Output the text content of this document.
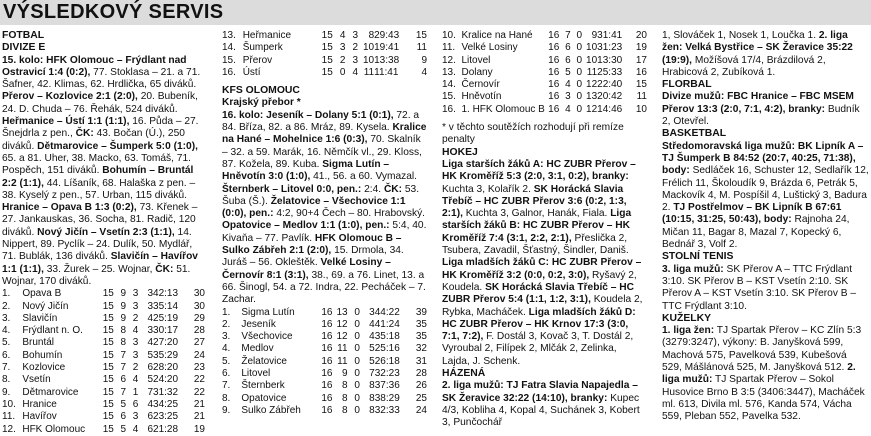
VÝSLEDKOVÝ SERVIS

FOTBAL

DIVIZE E

15. kolo: HFK Olomouc – Frýdlant nad Ostravicí 1:4 (0:2), 77. Stoklasa – 21. a 71. Šafner, 42. Klimas, 62. Hrdlička, 65 diváků. Přerov – Kozlovice 2:1 (2:0), 20. Bubeník, 24. D. Chuda – 76. Řehák, 524 diváků. Heřmanice – Ústí 1:1 (1:1), 16. Půda – 27. Šnejdrla z pen., ČK: 43. Bočan (Ú.), 250 diváků. Dětmarovice – Šumperk 5:0 (1:0), 65. a 81. Uher, 38. Macko, 63. Tomáš, 71. Pospěch, 151 diváků. Bohumín – Bruntál 2:2 (1:1), 44. Líšaník, 68. Halaška z pen. – 38. Kyselý z pen., 57. Urban, 115 diváků. Hranice – Opava B 1:3 (0:2), 73. Křenek – 27. Jankauskas, 36. Socha, 81. Radič, 120 diváků. Nový Jičín – Vsetín 2:3 (1:1), 14. Nippert, 89. Pyclík – 24. Dulík, 50. Mydlář, 71. Bublák, 136 diváků. Slavičín – Havířov 1:1 (1:1), 33. Žurek – 25. Wojnar, ČK: 51. Wojnar, 170 diváků.

1.	Opava B	15	9	3	3	42:13	30
2.	Nový Jičín	15	9	3	3	35:14	30
3.	Slavičín	15	9	2	4	25:19	29
4.	Frýdlant n. O.	15	8	4	3	30:17	28
5.	Bruntál	15	8	3	4	27:20	27
6.	Bohumín	15	7	3	5	35:29	24
7.	Kozlovice	15	7	2	6	28:20	23
8.	Vsetín	15	6	4	5	24:20	22
9.	Dětmarovice	15	7	1	7	31:32	22
10.	Hranice	15	5	6	4	34:25	21
11.	Havířov	15	6	3	6	23:25	21
12.	HFK Olomouc	15	5	4	6	21:28	19
13.	Heřmanice	15	4	3	8	29:43	15
14.	Šumperk	15	3	2	10	19:41	11
15.	Přerov	15	2	3	10	13:38	9
16.	Ústí	15	0	4	11	11:41	4

KFS OLOMOUC

Krajský přebor *

16. kolo: Jeseník – Dolany 5:1 (0:1), 72. a 84. Bříza, 82. a 86. Mráz, 89. Kysela. Kralice na Hané – Mohelnice 1:6 (0:3), 70. Skalník – 32. a 59. Marák, 16. Němčík vl., 29. Kloss, 87. Kožela, 89. Kuba. Sigma Lutín – Hněvotín 3:0 (1:0), 41., 56. a 60. Vymazal. Šternberk – Litovel 0:0, pen.: 2:4. ČK: 53. Šuba (Š.). Želatovice – Všechovice 1:1 (0:0), pen.: 4:2, 90+4 Čech – 80. Hrabovský. Opatovice – Medlov 1:1 (1:0), pen.: 5:4, 40. Kivaňa – 77. Pavlík. HFK Olomouc B – Sulko Zábřeh 2:1 (2:0), 15. Drmola, 34. Juráš – 56. Okleštěk. Velké Losiny – Černovír 8:1 (3:1), 38., 69. a 76. Linet, 13. a 66. Šinogl, 54. a 72. Indra, 22. Pecháček – 7. Zachar.

1.	Sigma Lutín	16	13	0	3	44:22	39
2.	Jeseník	16	12	0	4	41:24	35
3.	Všechovice	16	12	0	4	35:18	35
4.	Medlov	16	11	0	5	25:16	32
5.	Želatovice	16	11	0	5	26:18	31
6.	Litovel	16	9	0	7	32:23	28
7.	Šternberk	16	8	0	8	37:36	26
8.	Opatovice	16	8	0	8	38:29	25
9.	Sulko Zábřeh	16	8	0	8	32:33	24
10.	Kralice na Hané	16	7	0	9	31:41	20
11.	Velké Losiny	16	6	0	10	31:23	19
12.	Litovel	16	6	0	10	13:30	17
13.	Dolany	16	5	0	11	25:33	16
14.	Černovír	16	4	0	12	22:40	15
15.	Hněvotín	16	3	0	13	20:42	11
16.	1. HFK Olomouc B	16	4	0	12	14:46	10

* v těchto soutěžích rozhodují při remíze penalty

HOKEJ

Liga starších žáků A: HC ZUBR Přerov – HK Kroměříž 5:3 (2:0, 3:1, 0:2), branky: Kuchta 3, Kolařík 2. SK Horácká Slavia Třebíč – HC ZUBR Přerov 3:6 (0:2, 1:3, 2:1), Kuchta 3, Galnor, Hanák, Fiala. Liga starších žáků B: HC ZUBR Přerov – HK Kroměříž 7:4 (3:1, 2:2, 2:1), Přeslička 2, Tsubera, Zavadil, Šťastný, Šindler, Daniš. Liga mladších žáků C: HC ZUBR Přerov – HK Kroměříž 3:2 (0:0, 0:2, 3:0), Ryšavý 2, Koudela. SK Horácká Slavia Třebíč – HC ZUBR Přerov 5:4 (1:1, 1:2, 3:1), Koudela 2, Rybka, Macháček. Liga mladších žáků D: HC ZUBR Přerov – HK Krnov 17:3 (3:0, 7:1, 7:2), F. Dostál 3, Kovač 3, T. Dostál 2, Vyroubal 2, Filípek 2, Mlčák 2, Zelinka, Lajda, J. Schenk.

HÁZENÁ

2. liga mužů: TJ Fatra Slavia Napajedla – SK Žeravice 32:22 (14:10), branky: Kupec 4/3, Kobliha 4, Kopal 4, Suchánek 3, Kobert 3, Punčochář

1, Slováček 1, Nosek 1, Loučka 1. 2. liga žen: Velká Bystřice – SK Žeravice 35:22 (19:9), Možíšová 17/4, Brázdilová 2, Hrabicová 2, Zubíková 1.

FLORBAL

Divize mužů: FBC Hranice – FBC MSEM Přerov 13:3 (2:0, 7:1, 4:2), branky: Budník 2, Otevřel.

BASKETBAL

Středomoravská liga mužů: BK Lipník A – TJ Šumperk B 84:52 (20:7, 40:25, 71:38), body: Sedláček 16, Schuster 12, Sedlařík 12, Frélich 11, Školoudík 9, Brázda 6, Petrák 5, Mackovík 4, M. Pospíšil 4, Luštický 3, Badura 2. TJ Postřelmov – BK Lipník B 67:61 (10:15, 31:25, 50:43), body: Rajnoha 24, Mičan 11, Bagar 8, Mazal 7, Kopecký 6, Bednář 3, Volf 2.

STOLNÍ TENIS

3. liga mužů: SK Přerov A – TTC Frýdlant 3:10. SK Přerov B – KST Vsetín 2:10. SK Přerov A – KST Vsetín 3:10. SK Přerov B – TTC Frýdlant 3:10.

KUŽELKY

1. liga žen: TJ Spartak Přerov – KC Zlín 5:3 (3279:3247), výkony: B. Janyšková 599, Machová 575, Pavelková 539, Kubešová 529, Mášlánová 525, M. Janyšková 512. 2. liga mužů: TJ Spartak Přerov – Sokol Husovice Brno B 3:5 (3406:3447), Macháček ml. 613, Divila ml. 576, Kanda 574, Vácha 559, Pleban 552, Pavelka 532.
